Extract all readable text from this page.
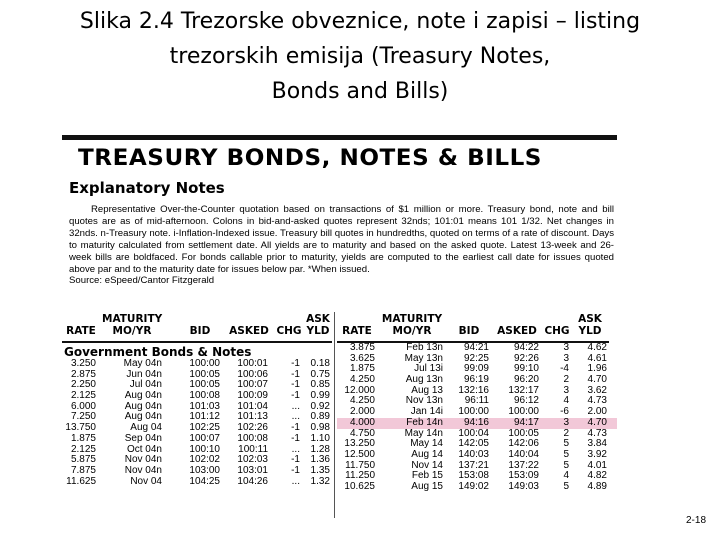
Slika 2.4 Trezorske obveznice, note i zapisi – listing
trezorskih emisija (Treasury Notes,
Bonds and Bills)
TREASURY BONDS, NOTES & BILLS
Explanatory Notes

Representative Over-the-Counter quotation based on transactions of $1 million or more. Treasury bond, note and bill quotes are as of mid-afternoon. Colons in bid-and-asked quotes represent 32nds; 101:01 means 101 1/32. Net changes in 32nds. n-Treasury note. i-Inflation-Indexed issue. Treasury bill quotes in hundredths, quoted on terms of a rate of discount. Days to maturity calculated from settlement date. All yields are to maturity and based on the asked quote. Latest 13-week and 26-week bills are boldfaced. For bonds callable prior to maturity, yields are computed to the earliest call date for issues quoted above par and to the maturity date for issues below par. *When issued.

Source: eSpeed/Cantor Fitzgerald

RATE
MATURITY
MO/YR	BID	ASKED CHG
ASK
YLD
Government Bonds & Notes
3.250	May 04n	100:00	100:01	-1	0.18
2.875	Jun 04n	100:05	100:06	-1	0.75
2.250	Jul 04n	100:05	100:07	-1	0.85
2.125	Aug 04n	100:08	100:09	-1	0.99
6.000	Aug 04n	101:03	101:04	...	0.92
7.250	Aug 04n	101:12	101:13	...	0.89
13.750	Aug 04	102:25	102:26	-1	0.98
1.875	Sep 04n	100:07	100:08	-1	1.10
2.125	Oct 04n	100:10	100:11	...	1.28
5.875	Nov 04n	102:02	102:03	-1	1.36
7.875	Nov 04n	103:00	103:01	-1	1.35
11.625	Nov 04	104:25	104:26	...	1.32
RATE
MATURITY
MO/YR	BID	ASKED CHG
ASK
YLD
3.875	Feb 13n	94:21	94:22	3	4.62
3.625	May 13n	92:25	92:26	3	4.61
1.875	Jul 13i	99:09	99:10	-4	1.96
4.250	Aug 13n	96:19	96:20	2	4.70
12.000	Aug 13	132:16	132:17	3	3.62
4.250	Nov 13n	96:11	96:12	4	4.73
2.000	Jan 14i	100:00	100:00	-6	2.00
4.000	Feb 14n	94:16	94:17	3	4.70
4.750	May 14n	100:04	100:05	2	4.73
13.250	May 14	142:05	142:06	5	3.84
12.500	Aug 14	140:03	140:04	5	3.92
11.750	Nov 14	137:21	137:22	5	4.01
11.250	Feb 15	153:08	153:09	4	4.82
10.625	Aug 15	149:02	149:03	5	4.89
2-18
